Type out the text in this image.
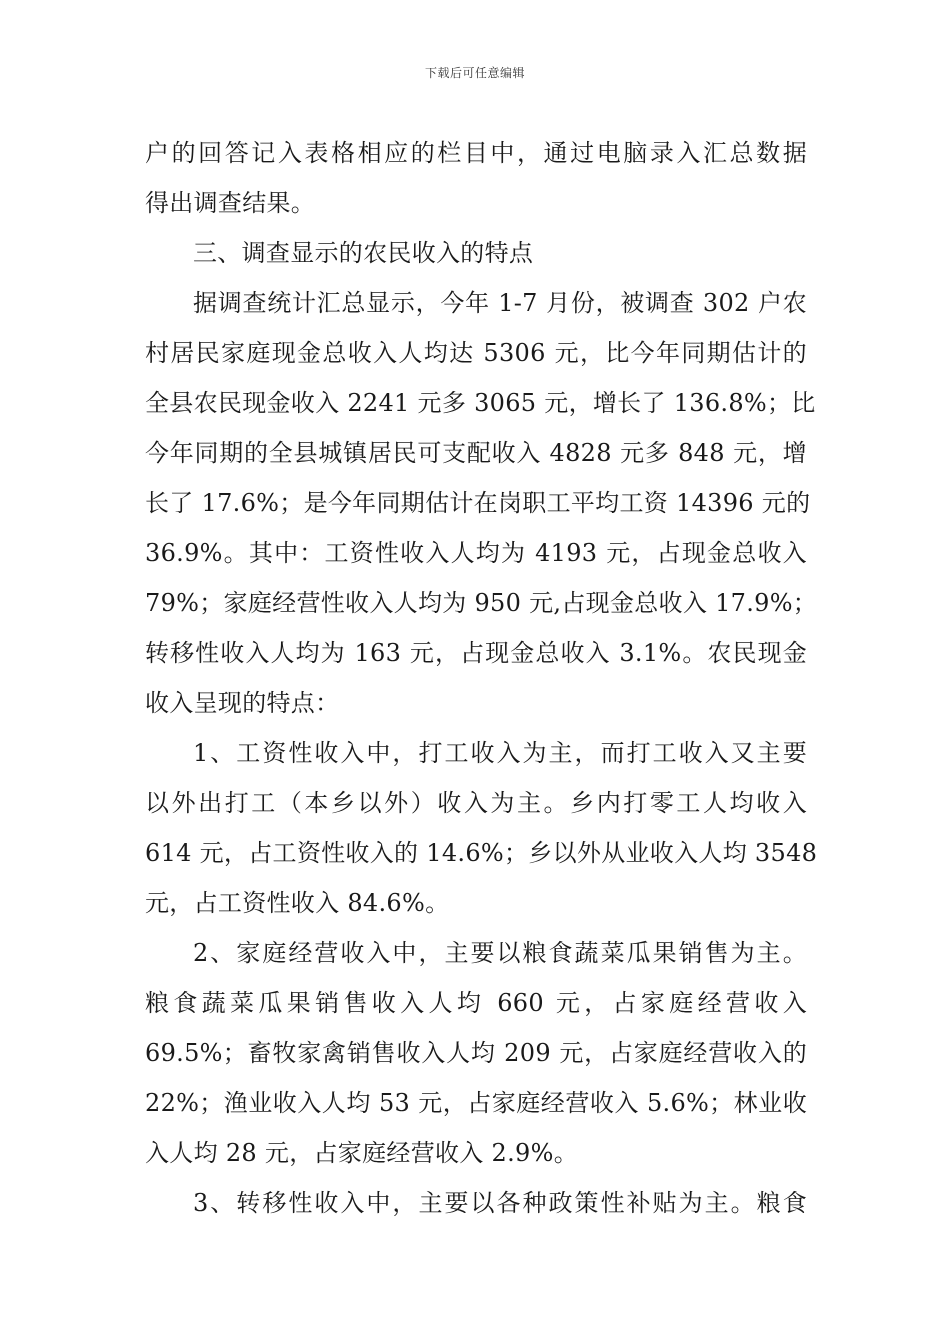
下载后可任意编辑
户的回答记入表格相应的栏目中，通过电脑录入汇总数据
得出调查结果。
三、调查显示的农民收入的特点
据调查统计汇总显示，今年 1-7 月份，被调查 302 户农
村居民家庭现金总收入人均达 5306 元，比今年同期估计的
全县农民现金收入 2241 元多 3065 元，增长了 136.8%；比
今年同期的全县城镇居民可支配收入 4828 元多 848 元，增
长了 17.6%；是今年同期估计在岗职工平均工资 14396 元的
36.9%。其中：工资性收入人均为 4193 元，占现金总收入
79%；家庭经营性收入人均为 950 元,占现金总收入 17.9%；
转移性收入人均为 163 元，占现金总收入 3.1%。农民现金
收入呈现的特点：
1、工资性收入中，打工收入为主，而打工收入又主要
以外出打工（本乡以外）收入为主。乡内打零工人均收入
614 元，占工资性收入的 14.6%；乡以外从业收入人均 3548
元，占工资性收入 84.6%。
2、家庭经营收入中，主要以粮食蔬菜瓜果销售为主。
粮食蔬菜瓜果销售收入人均 660 元，占家庭经营收入
69.5%；畜牧家禽销售收入人均 209 元，占家庭经营收入的
22%；渔业收入人均 53 元，占家庭经营收入 5.6%；林业收
入人均 28 元，占家庭经营收入 2.9%。
3、转移性收入中，主要以各种政策性补贴为主。粮食
